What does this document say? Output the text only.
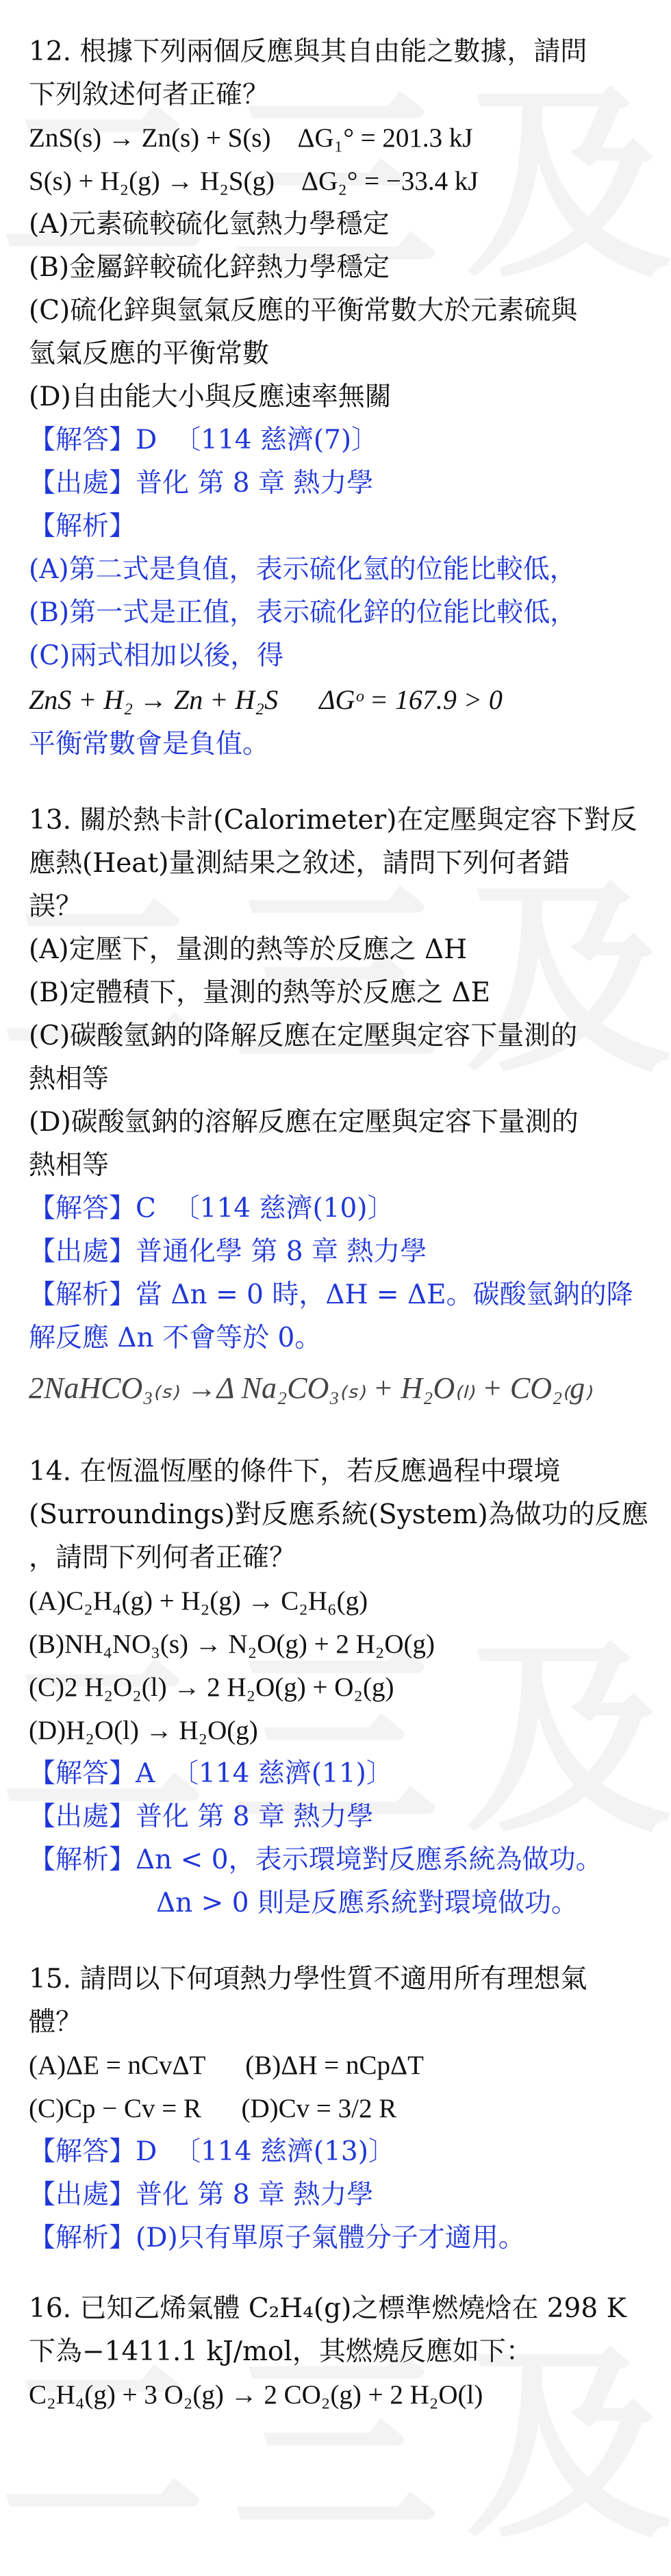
12. 根據下列兩個反應與其自由能之數據，請問

下列敘述何者正確？

ZnS(s) → Zn(s) + S(s)    ΔG₁° = 201.3 kJ

S(s) + H₂(g) → H₂S(g)    ΔG₂° = −33.4 kJ

(A)元素硫較硫化氫熱力學穩定

(B)金屬鋅較硫化鋅熱力學穩定

(C)硫化鋅與氫氣反應的平衡常數大於元素硫與

氫氣反應的平衡常數

(D)自由能大小與反應速率無關

【解答】D  〔114 慈濟(7)〕

【出處】普化 第 8 章 熱力學

【解析】

(A)第二式是負值，表示硫化氫的位能比較低，

(B)第一式是正值，表示硫化鋅的位能比較低，

(C)兩式相加以後，得

ZnS + H₂ → Zn + H₂S      ΔGᵒ = 167.9 > 0

平衡常數會是負值。

13. 關於熱卡計(Calorimeter)在定壓與定容下對反

應熱(Heat)量測結果之敘述，請問下列何者錯

誤？

(A)定壓下，量測的熱等於反應之 ΔH

(B)定體積下，量測的熱等於反應之 ΔE

(C)碳酸氫鈉的降解反應在定壓與定容下量測的

熱相等

(D)碳酸氫鈉的溶解反應在定壓與定容下量測的

熱相等

【解答】C  〔114 慈濟(10)〕

【出處】普通化學 第 8 章 熱力學

【解析】當 Δn = 0 時，ΔH = ΔE。碳酸氫鈉的降

解反應 Δn 不會等於 0。

2NaHCO₃₍ₛ₎ →Δ Na₂CO₃₍ₛ₎ + H₂O₍ₗ₎ + CO₂₍g₎

14. 在恆溫恆壓的條件下，若反應過程中環境

(Surroundings)對反應系統(System)為做功的反應

，請問下列何者正確？

(A)C₂H₄(g) + H₂(g) → C₂H₆(g)

(B)NH₄NO₃(s) → N₂O(g) + 2 H₂O(g)

(C)2 H₂O₂(l) → 2 H₂O(g) + O₂(g)

(D)H₂O(l) → H₂O(g)

【解答】A  〔114 慈濟(11)〕

【出處】普化 第 8 章 熱力學

【解析】Δn < 0，表示環境對反應系統為做功。

Δn > 0 則是反應系統對環境做功。

15. 請問以下何項熱力學性質不適用所有理想氣

體？

(A)ΔE = nCvΔT      (B)ΔH = nCpΔT

(C)Cp − Cv = R      (D)Cv = 3/2 R

【解答】D  〔114 慈濟(13)〕

【出處】普化 第 8 章 熱力學

【解析】(D)只有單原子氣體分子才適用。

16. 已知乙烯氣體 C₂H₄(g)之標準燃燒焓在 298 K

下為−1411.1 kJ/mol，其燃燒反應如下：

C₂H₄(g) + 3 O₂(g) → 2 CO₂(g) + 2 H₂O(l)
